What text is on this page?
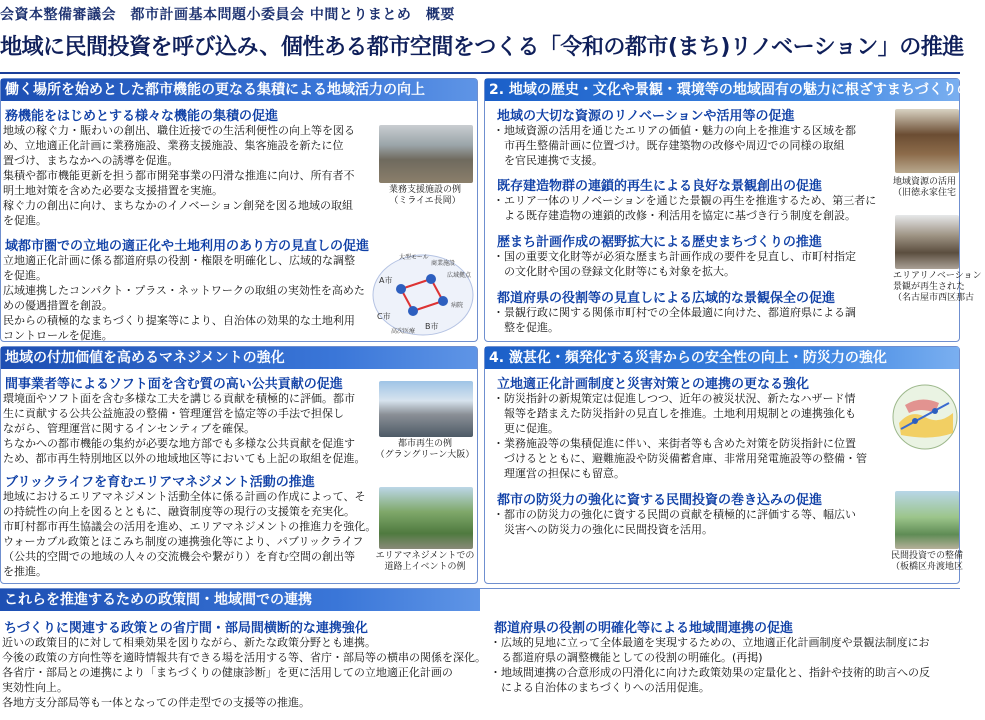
会資本整備審議会　都市計画基本問題小委員会 中間とりまとめ　概要
地域に民間投資を呼び込み、個性ある都市空間をつくる「令和の都市(まち)リノベーション」の推進
働く場所を始めとした都市機能の更なる集積による地域活力の向上
務機能をはじめとする様々な機能の集積の促進

地域の稼ぐ力・賑わいの創出、職住近接での生活利便性の向上等を図る

め、立地適正化計画に業務施設、業務支援施設、集客施設を新たに位

置づけ、まちなかへの誘導を促進。

集積や都市機能更新を担う都市開発事業の円滑な推進に向け、所有者不

明土地対策を含めた必要な支援措置を実施。

稼ぐ力の創出に向け、まちなかのイノベーション創発を図る地域の取組

を促進。

業務支援施設の例
（ミライエ長岡）
域都市圏での立地の適正化や土地利用のあり方の見直しの促進

立地適正化計画に係る都道府県の役割・権限を明確化し、広域的な調整

を促進。

広域連携したコンパクト・プラス・ネットワークの取組の実効性を高めた

めの優遇措置を創設。

民からの積極的なまちづくり提案等により、自治体の効果的な土地利用

コントロールを促進。

大型モール
A市
C市
B市
広域拠点
病院
高次医療
商業施設
2. 地域の歴史・文化や景観・環境等の地域固有の魅力に根ざすまちづくりの推
地域の大切な資源のリノベーションや活用等の促進

・地域資源の活用を通じたエリアの価値・魅力の向上を推進する区域を都

　市再生整備計画に位置づけ。既存建築物の改修や周辺での同様の取組

　を官民連携で支援。

地域資源の活用
（旧徳永家住宅
既存建造物群の連鎖的再生による良好な景観創出の促進

・エリア一体のリノベーションを通じた景観の再生を推進するため、第三者に

　よる既存建造物の連鎖的改修・利活用を協定に基づき行う制度を創設。

歴まち計画作成の裾野拡大による歴史まちづくりの推進

・国の重要文化財等が必須な歴まち計画作成の要件を見直し、市町村指定

　の文化財や国の登録文化財等にも対象を拡大。	エリアリノベーション
景観が再生された
（名古屋市西区那古
都道府県の役割等の見直しによる広域的な景観保全の促進

・景観行政に関する関係市町村での全体最適に向けた、都道府県による調

　整を促進。

地域の付加価値を高めるマネジメントの強化
間事業者等によるソフト面を含む質の高い公共貢献の促進

環境面やソフト面を含む多様な工夫を講じる貢献を積極的に評価。都市

生に貢献する公共公益施設の整備・管理運営を協定等の手法で担保し

ながら、管理運営に関するインセンティブを確保。

ちなかへの都市機能の集約が必要な地方部でも多様な公共貢献を促進す

ため、都市再生特別地区以外の地域地区等においても上記の取組を促進。

都市再生の例
（グラングリーン大阪）
ブリックライフを育むエリアマネジメント活動の推進

地域におけるエリアマネジメント活動全体に係る計画の作成によって、そ

の持続性の向上を図るとともに、融資制度等の現行の支援策を充実化。

市町村都市再生協議会の活用を進め、エリアマネジメントの推進力を強化。

ウォーカブル政策とほこみち制度の連携強化等により、パブリックライフ

（公共的空間での地域の人々の交流機会や繋がり）を育む空間の創出等

を推進。

エリアマネジメントでの
道路上イベントの例
4. 激甚化・頻発化する災害からの安全性の向上・防災力の強化
立地適正化計画制度と災害対策との連携の更なる強化

・防災指針の新規策定は促進しつつ、近年の被災状況、新たなハザード情

　報等を踏まえた防災指針の見直しを推進。土地利用規制との連携強化も

　更に促進。

・業務施設等の集積促進に伴い、来街者等も含めた対策を防災指針に位置

　づけるとともに、避難施設や防災備蓄倉庫、非常用発電施設等の整備・管

　理運営の担保にも留意。

都市の防災力の強化に資する民間投資の巻き込みの促進

・都市の防災力の強化に資する民間の貢献を積極的に評価する等、幅広い

　災害への防災力の強化に民間投資を活用。

民間投資での整備
（板橋区舟渡地区
これらを推進するための政策間・地域間での連携
ちづくりに関連する政策との省庁間・部局間横断的な連携強化

近いの政策目的に対して相乗効果を図りながら、新たな政策分野とも連携。

今後の政策の方向性等を適時情報共有できる場を活用する等、省庁・部局等の横串の関係を深化。

各省庁・部局との連携により「まちづくりの健康診断」を更に活用しての立地適正化計画の

実効性向上。

各地方支分部局等も一体となっての伴走型での支援等の推進。

都道府県の役割の明確化等による地域間連携の促進

・広域的見地に立って全体最適を実現するための、立地適正化計画制度や景観法制度にお

　る都道府県の調整機能としての役割の明確化。(再掲)

・地域間連携の合意形成の円滑化に向けた政策効果の定量化と、指針や技術的助言への反

　による自治体のまちづくりへの活用促進。
